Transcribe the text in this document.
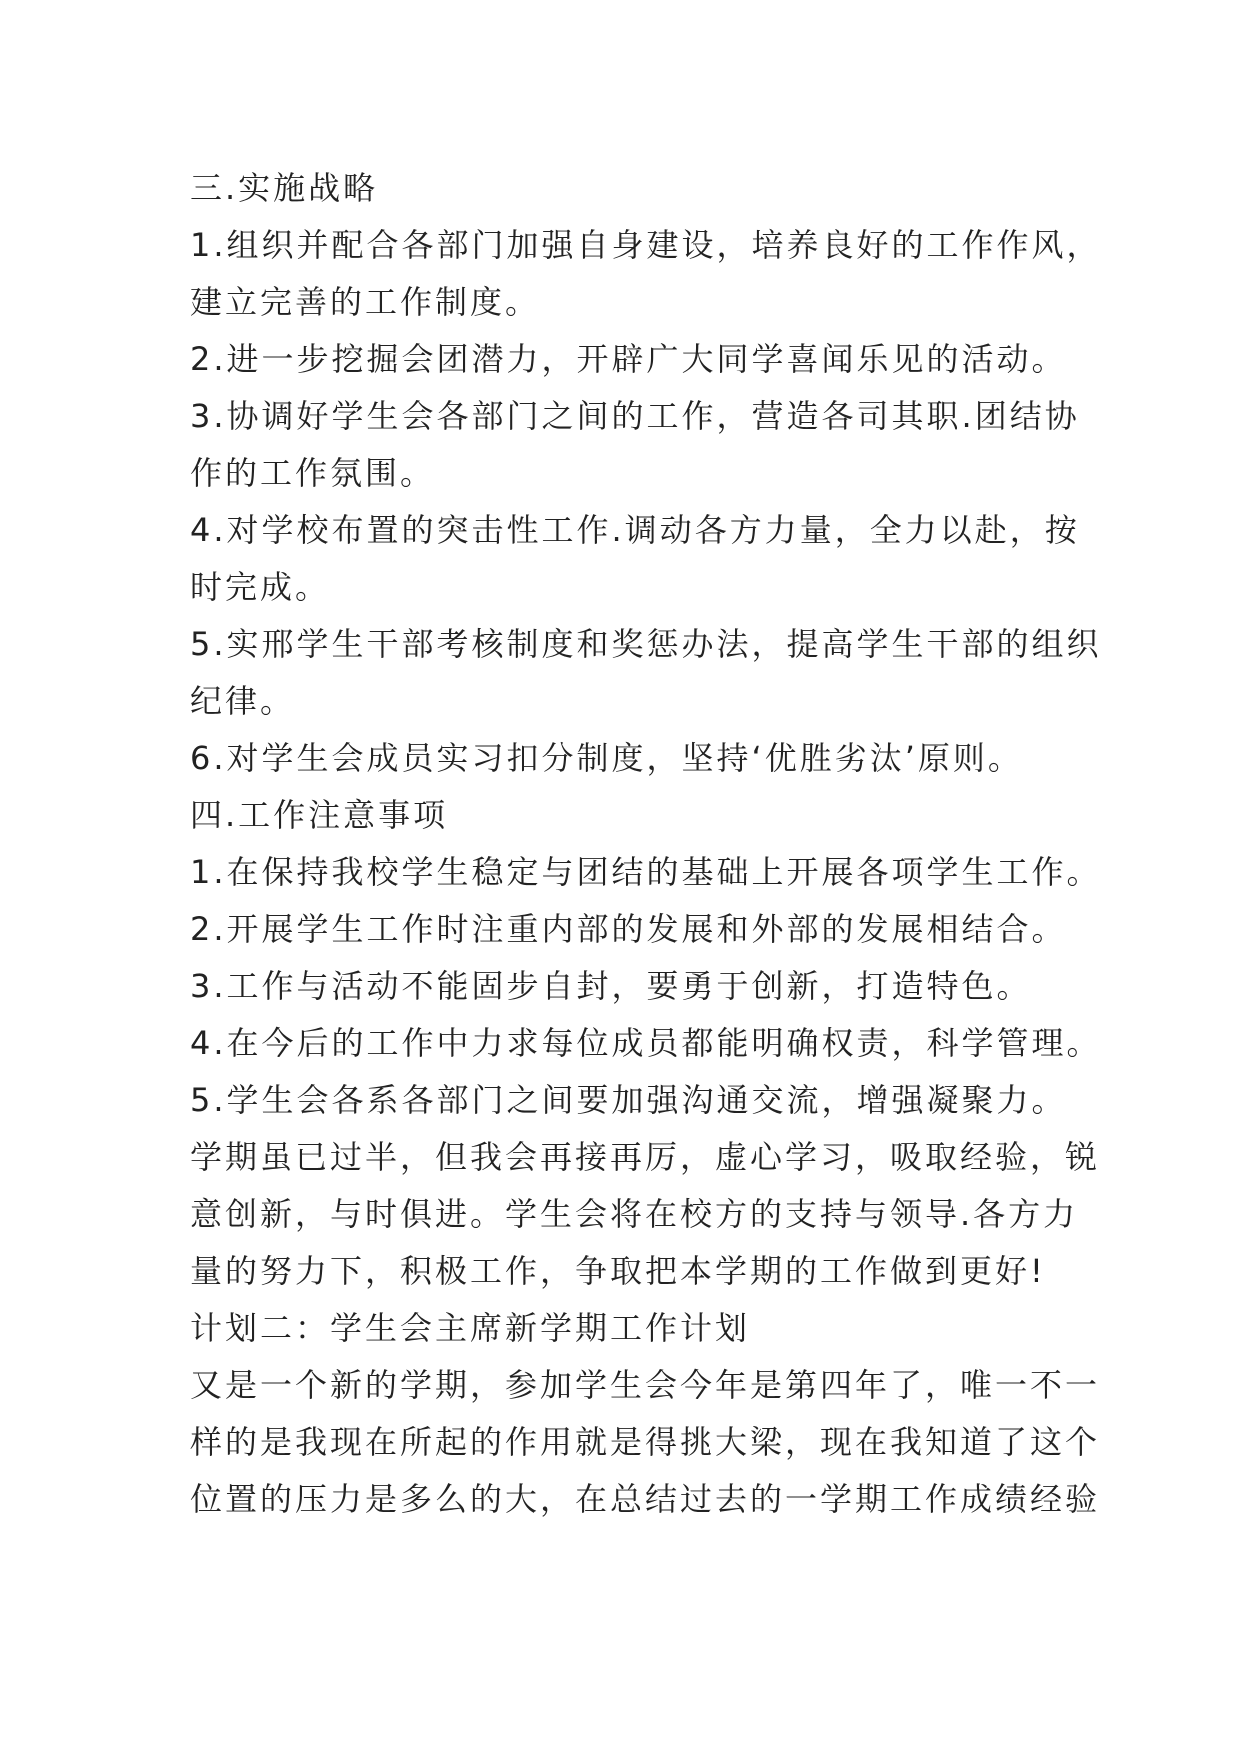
三.实施战略
1.组织并配合各部门加强自身建设，培养良好的工作作风，
建立完善的工作制度。
2.进一步挖掘会团潜力，开辟广大同学喜闻乐见的活动。
3.协调好学生会各部门之间的工作，营造各司其职.团结协
作的工作氛围。
4.对学校布置的突击性工作.调动各方力量，全力以赴，按
时完成。
5.实邢学生干部考核制度和奖惩办法，提高学生干部的组织
纪律。
6.对学生会成员实习扣分制度，坚持‘优胜劣汰’原则。
四.工作注意事项
1.在保持我校学生稳定与团结的基础上开展各项学生工作。
2.开展学生工作时注重内部的发展和外部的发展相结合。
3.工作与活动不能固步自封，要勇于创新，打造特色。
4.在今后的工作中力求每位成员都能明确权责，科学管理。
5.学生会各系各部门之间要加强沟通交流，增强凝聚力。
学期虽已过半，但我会再接再厉，虚心学习，吸取经验，锐
意创新，与时俱进。学生会将在校方的支持与领导.各方力
量的努力下，积极工作，争取把本学期的工作做到更好!
计划二：学生会主席新学期工作计划
又是一个新的学期，参加学生会今年是第四年了，唯一不一
样的是我现在所起的作用就是得挑大梁，现在我知道了这个
位置的压力是多么的大，在总结过去的一学期工作成绩经验
